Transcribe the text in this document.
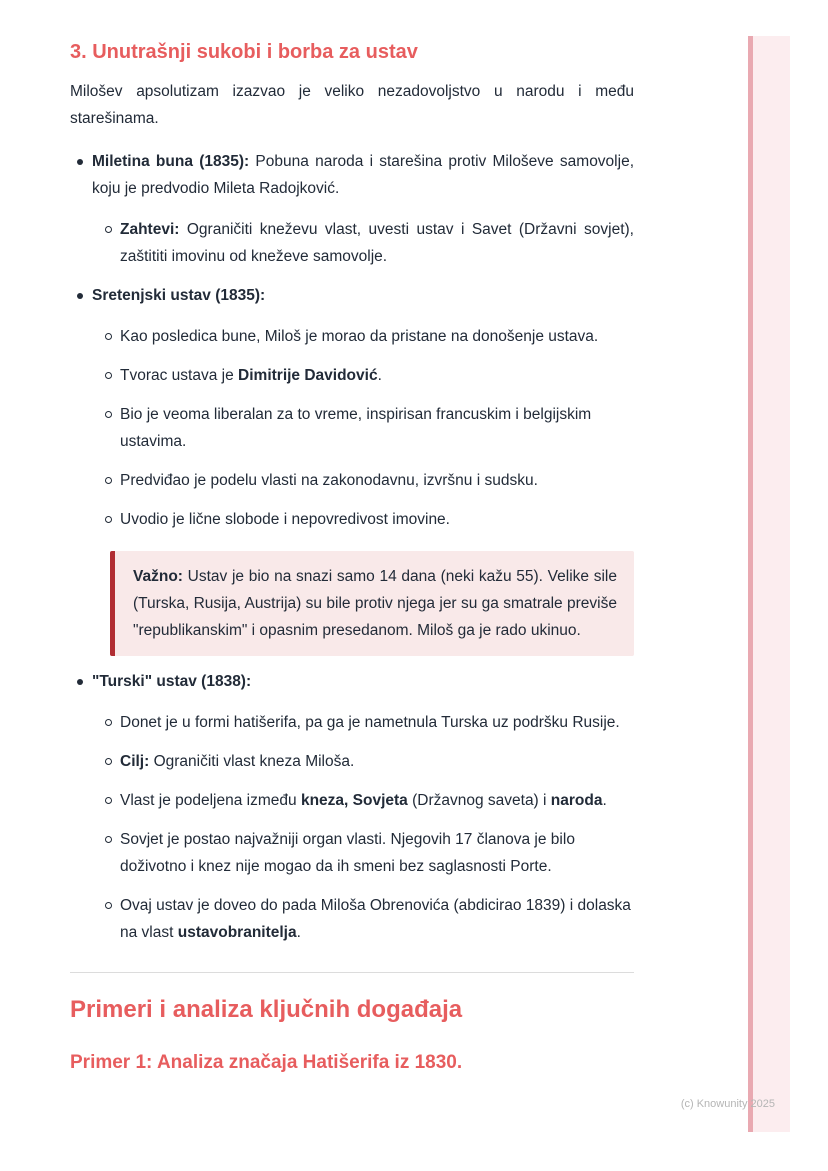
3. Unutrašnji sukobi i borba za ustav

Milošev apsolutizam izazvao je veliko nezadovoljstvo u narodu i među starešinama.

Miletina buna (1835): Pobuna naroda i starešina protiv Miloševe samovolje, koju je predvodio Mileta Radojković.
Zahtevi: Ograničiti kneževu vlast, uvesti ustav i Savet (Državni sovjet), zaštititi imovinu od kneževe samovolje.
Sretenjski ustav (1835):
Kao posledica bune, Miloš je morao da pristane na donošenje ustava.
Tvorac ustava je Dimitrije Davidović.
Bio je veoma liberalan za to vreme, inspirisan francuskim i belgijskim ustavima.
Predviđao je podelu vlasti na zakonodavnu, izvršnu i sudsku.
Uvodio je lične slobode i nepovredivost imovine.
Važno: Ustav je bio na snazi samo 14 dana (neki kažu 55). Velike sile (Turska, Rusija, Austrija) su bile protiv njega jer su ga smatrale previše "republikanskim" i opasnim presedanom. Miloš ga je rado ukinuo.
"Turski" ustav (1838):
Donet je u formi hatišerifa, pa ga je nametnula Turska uz podršku Rusije.
Cilj: Ograničiti vlast kneza Miloša.
Vlast je podeljena između kneza, Sovjeta (Državnog saveta) i naroda.
Sovjet je postao najvažniji organ vlasti. Njegovih 17 članova je bilo doživotno i knez nije mogao da ih smeni bez saglasnosti Porte.
Ovaj ustav je doveo do pada Miloša Obrenovića (abdicirao 1839) i dolaska na vlast ustavobranitelja.
Primeri i analiza ključnih događaja
Primer 1: Analiza značaja Hatišerifa iz 1830.
(c) Knowunity 2025
